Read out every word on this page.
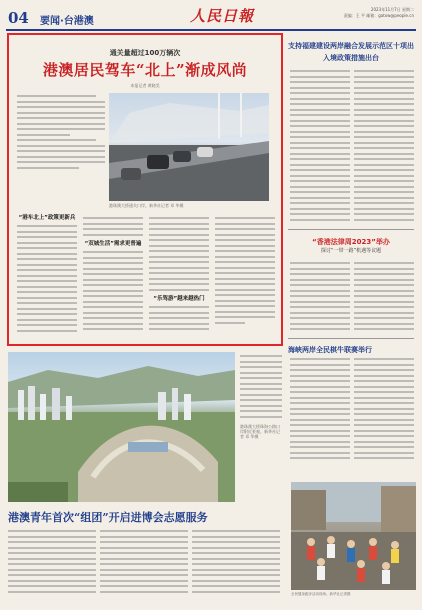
04 要闻·台港澳	人民日報	2023年11月7日 星期二
责编：王 平 邮箱：gatxw@people.cn
通关量超过100万辆次
港澳居民驾车“北上”渐成风尚
本报记者 黄晓美
港珠澳大桥通关口岸。新华社记者 邓 华摄
“港车北上”政策更新兵
“双城生活”需求更普遍
“乐驾游”越来越热门
支持福建建设两岸融合发展示范区十项出入境政策措施出台
“香港法律周2023”举办
探讨“一带一路”机遇等议题
海峡两岸全民棋牛联赛举行
港珠澳大桥珠海公路口岸附近景观。新华社记者 邓 华摄
港澳青年首次“组团”开启进博会志愿服务
全民健身跑步活动现场。新华社记者摄
